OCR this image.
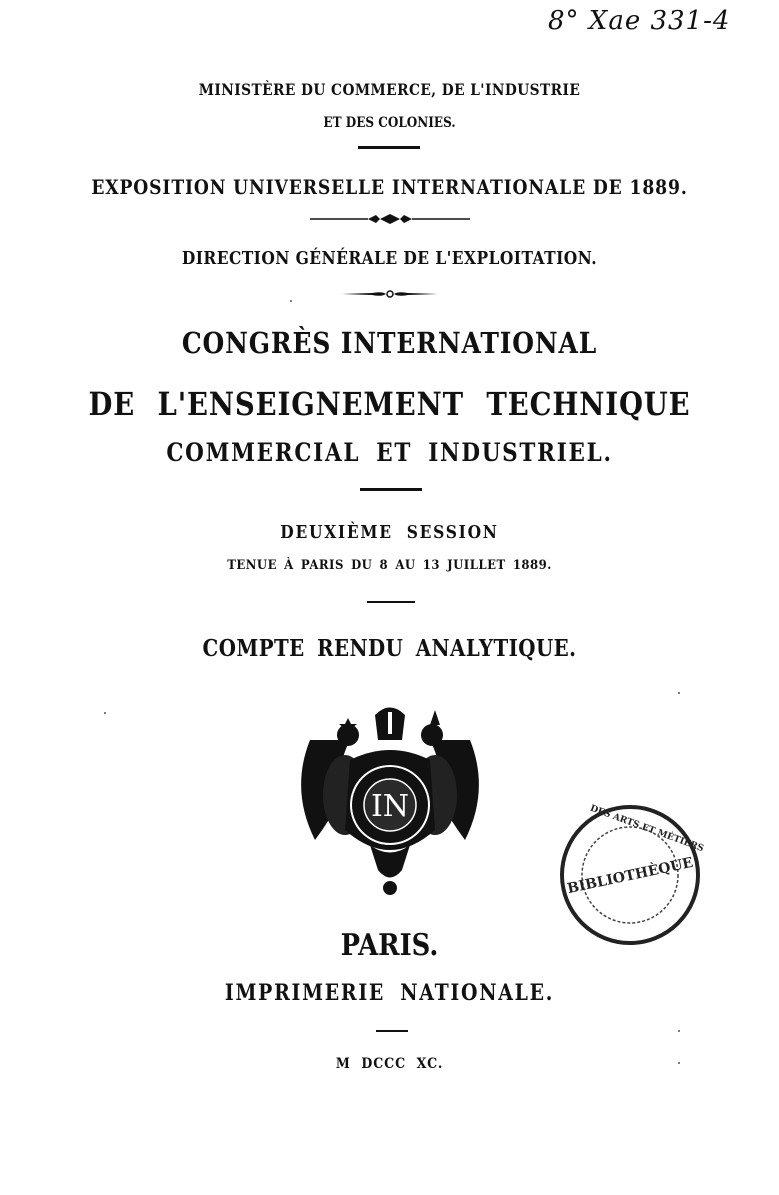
8° Xae 331-4
MINISTÈRE DU COMMERCE, DE L'INDUSTRIE
ET DES COLONIES.
EXPOSITION UNIVERSELLE INTERNATIONALE DE 1889.
DIRECTION GÉNÉRALE DE L'EXPLOITATION.
CONGRÈS INTERNATIONAL
DE L'ENSEIGNEMENT TECHNIQUE
COMMERCIAL ET INDUSTRIEL.
DEUXIÈME SESSION
TENUE À PARIS DU 8 AU 13 JUILLET 1889.
COMPTE RENDU ANALYTIQUE.
IN
BIBLIOTHÈQUE
DES ARTS ET MÉTIERS
PARIS.
IMPRIMERIE NATIONALE.
M DCCC XC.
